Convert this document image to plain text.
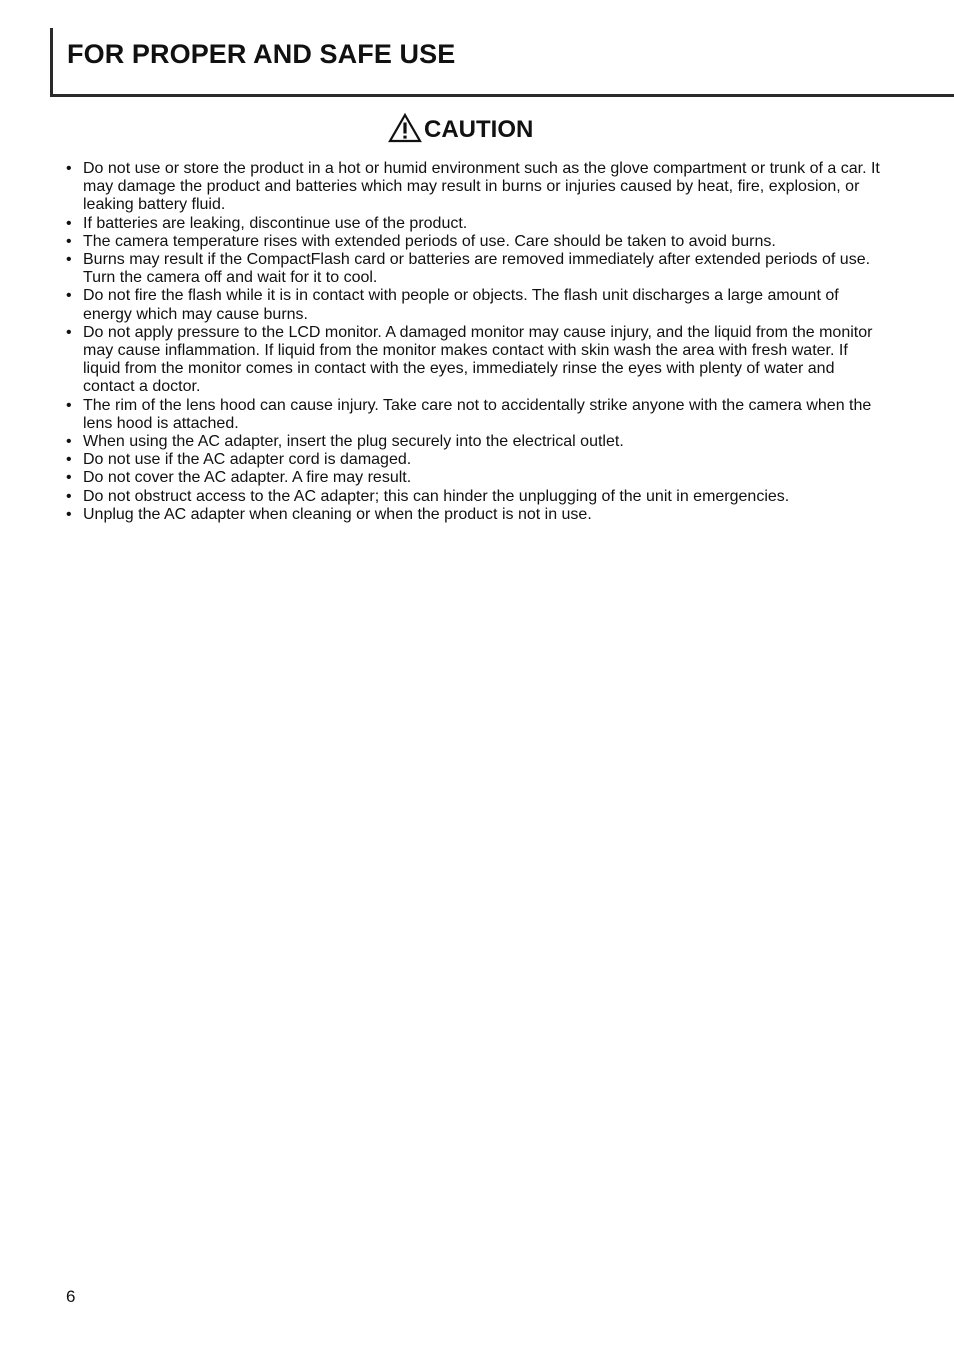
FOR PROPER AND SAFE USE
CAUTION
• Do not use or store the product in a hot or humid environment such as the glove compartment or trunk of a car. It may damage the product and batteries which may result in burns or injuries caused by heat, fire, explosion, or leaking battery fluid.
• If batteries are leaking, discontinue use of the product.
• The camera temperature rises with extended periods of use. Care should be taken to avoid burns.
• Burns may result if the CompactFlash card or batteries are removed immediately after extended periods of use. Turn the camera off and wait for it to cool.
• Do not fire the flash while it is in contact with people or objects. The flash unit discharges a large amount of energy which may cause burns.
• Do not apply pressure to the LCD monitor. A damaged monitor may cause injury, and the liquid from the monitor may cause inflammation. If liquid from the monitor makes contact with skin wash the area with fresh water. If liquid from the monitor comes in contact with the eyes, immediately rinse the eyes with plenty of water and contact a doctor.
• The rim of the lens hood can cause injury. Take care not to accidentally strike anyone with the camera when the lens hood is attached.
• When using the AC adapter, insert the plug securely into the electrical outlet.
• Do not use if the AC adapter cord is damaged.
• Do not cover the AC adapter. A fire may result.
• Do not obstruct access to the AC adapter; this can hinder the unplugging of the unit in emergencies.
• Unplug the AC adapter when cleaning or when the product is not in use.
6
